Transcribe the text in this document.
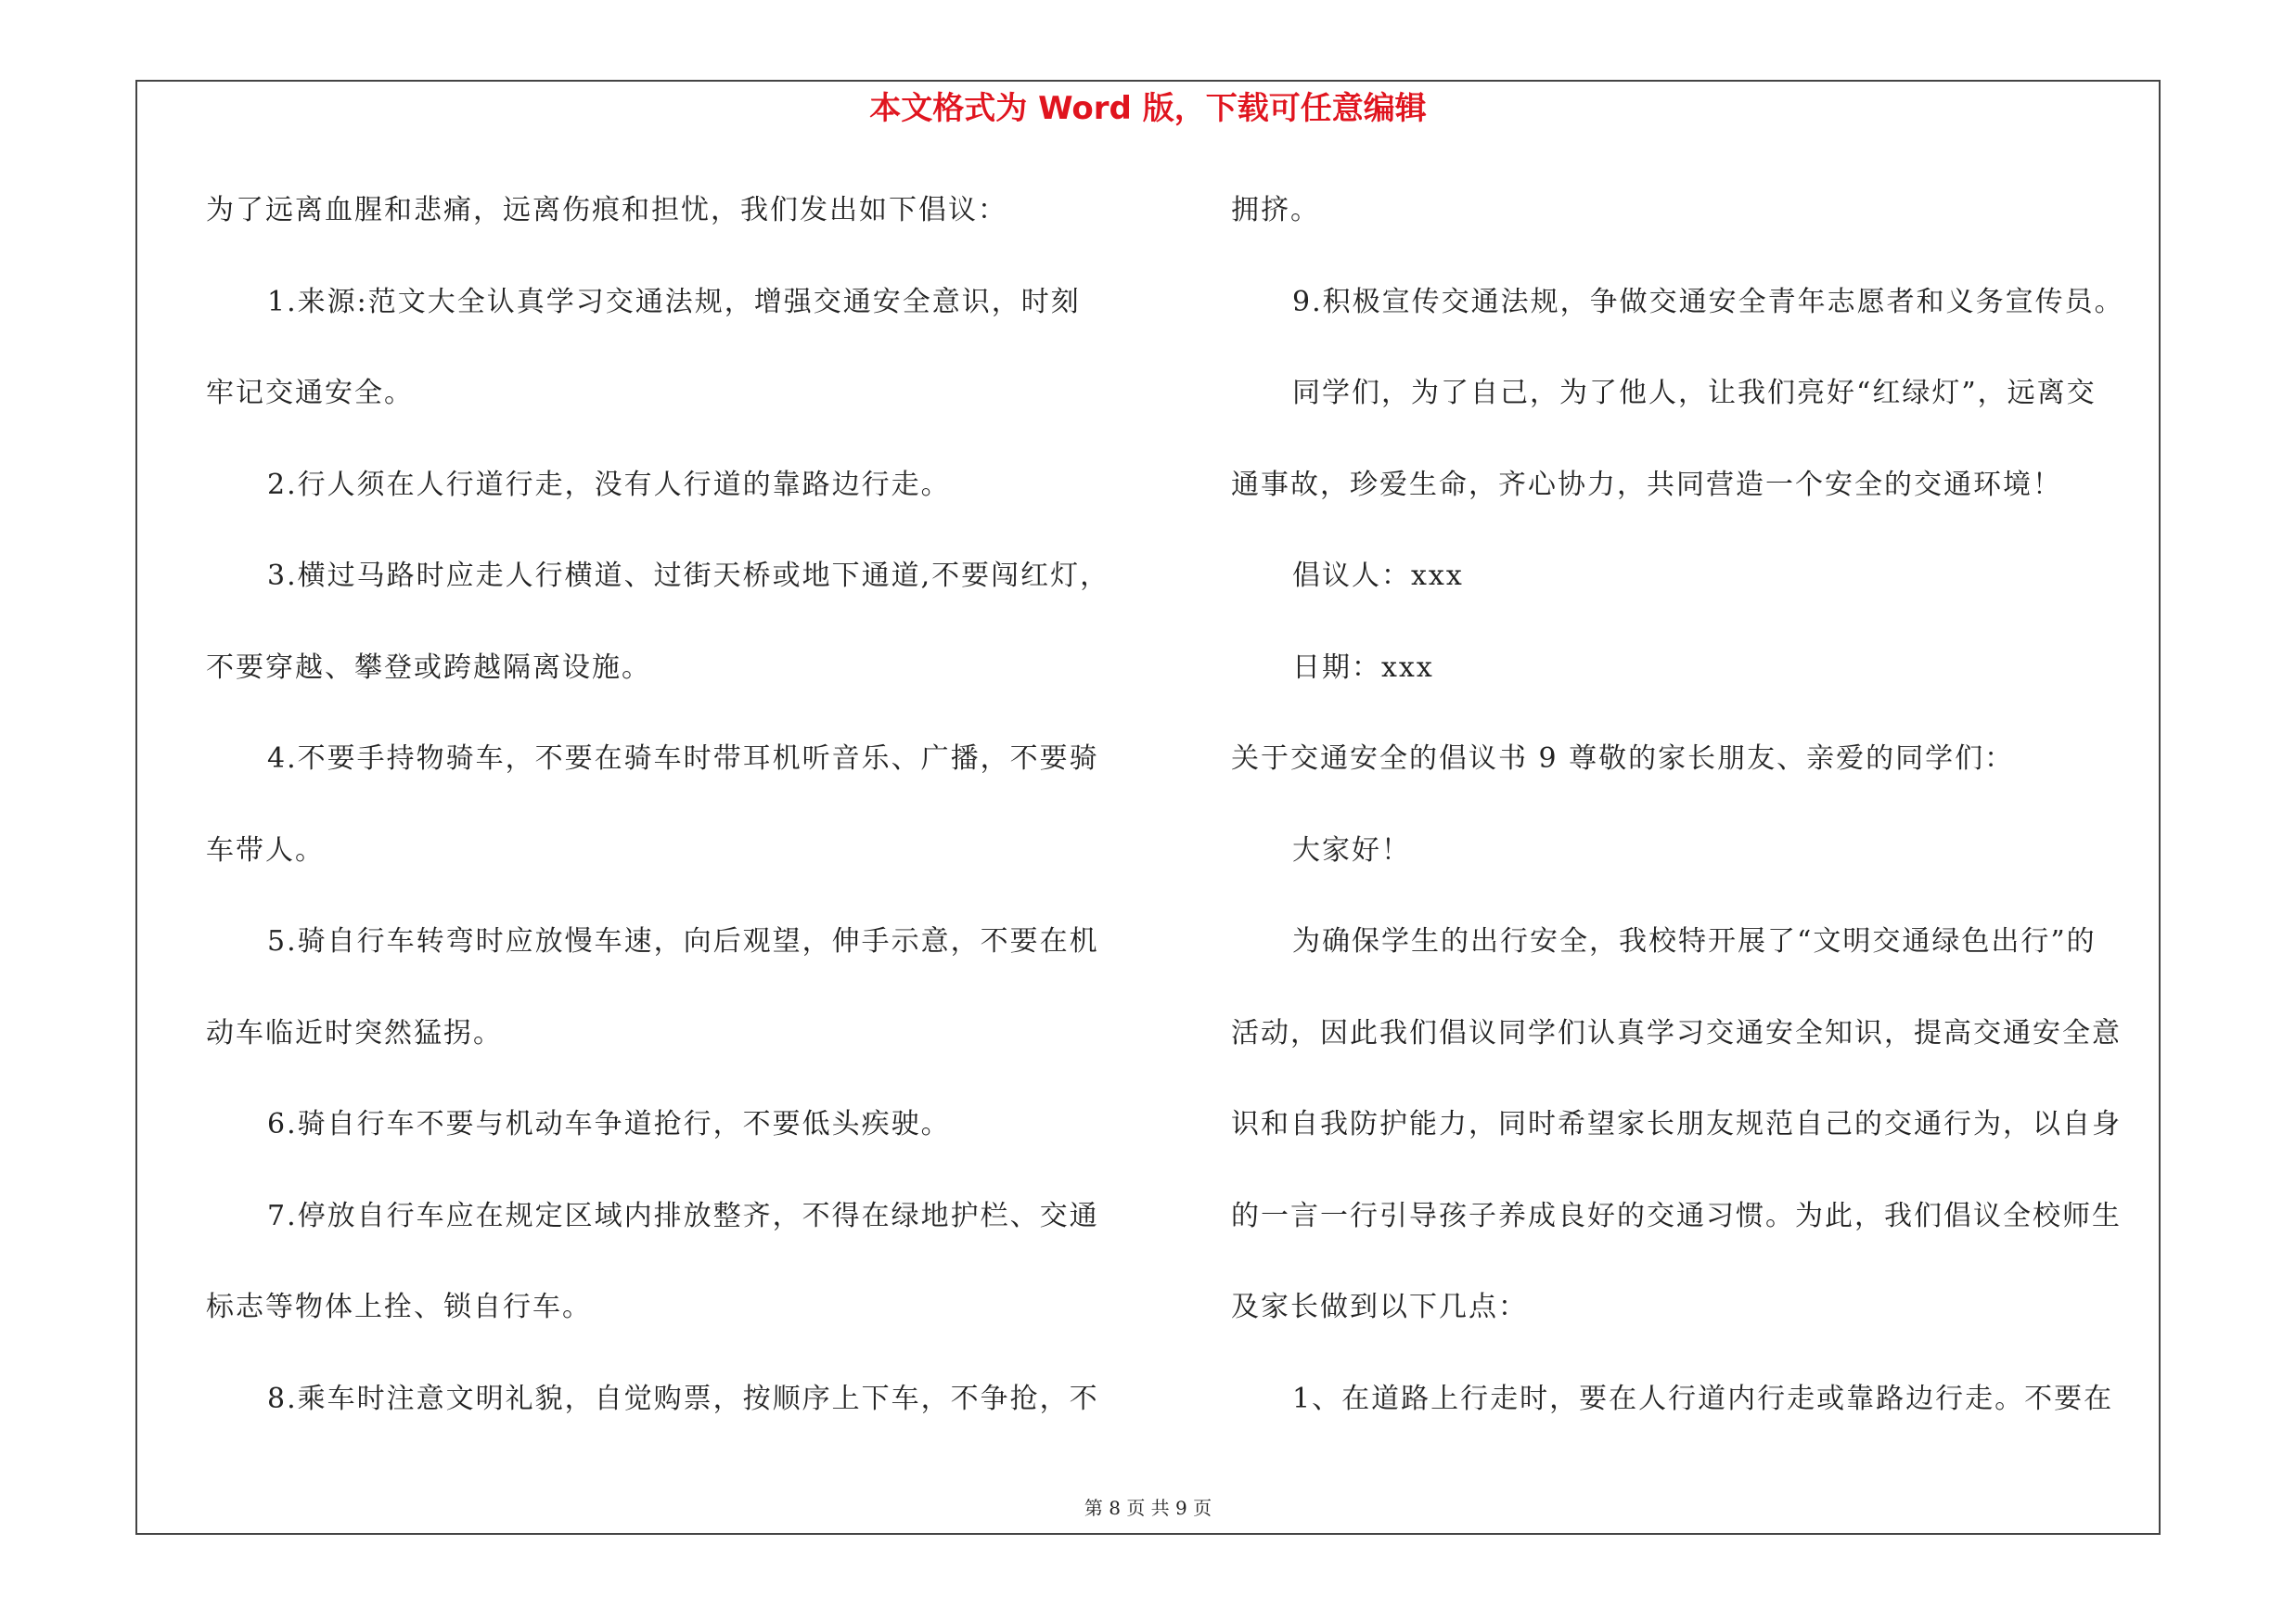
本文格式为 Word 版，下载可任意编辑

为了远离血腥和悲痛，远离伤痕和担忧，我们发出如下倡议：

1.来源:范文大全认真学习交通法规，增强交通安全意识，时刻

牢记交通安全。

2.行人须在人行道行走，没有人行道的靠路边行走。

3.横过马路时应走人行横道、过街天桥或地下通道,不要闯红灯，

不要穿越、攀登或跨越隔离设施。

4.不要手持物骑车，不要在骑车时带耳机听音乐、广播，不要骑

车带人。

5.骑自行车转弯时应放慢车速，向后观望，伸手示意，不要在机

动车临近时突然猛拐。

6.骑自行车不要与机动车争道抢行，不要低头疾驶。

7.停放自行车应在规定区域内排放整齐，不得在绿地护栏、交通

标志等物体上拴、锁自行车。

8.乘车时注意文明礼貌，自觉购票，按顺序上下车，不争抢，不

拥挤。

9.积极宣传交通法规，争做交通安全青年志愿者和义务宣传员。

同学们，为了自己，为了他人，让我们亮好“红绿灯”，远离交

通事故，珍爱生命，齐心协力，共同营造一个安全的交通环境！

倡议人：xxx

日期：xxx

关于交通安全的倡议书 9 尊敬的家长朋友、亲爱的同学们：

大家好！

为确保学生的出行安全，我校特开展了“文明交通绿色出行”的

活动，因此我们倡议同学们认真学习交通安全知识，提高交通安全意

识和自我防护能力，同时希望家长朋友规范自己的交通行为，以自身

的一言一行引导孩子养成良好的交通习惯。为此，我们倡议全校师生

及家长做到以下几点：

1、在道路上行走时，要在人行道内行走或靠路边行走。不要在

第 8 页 共 9 页
